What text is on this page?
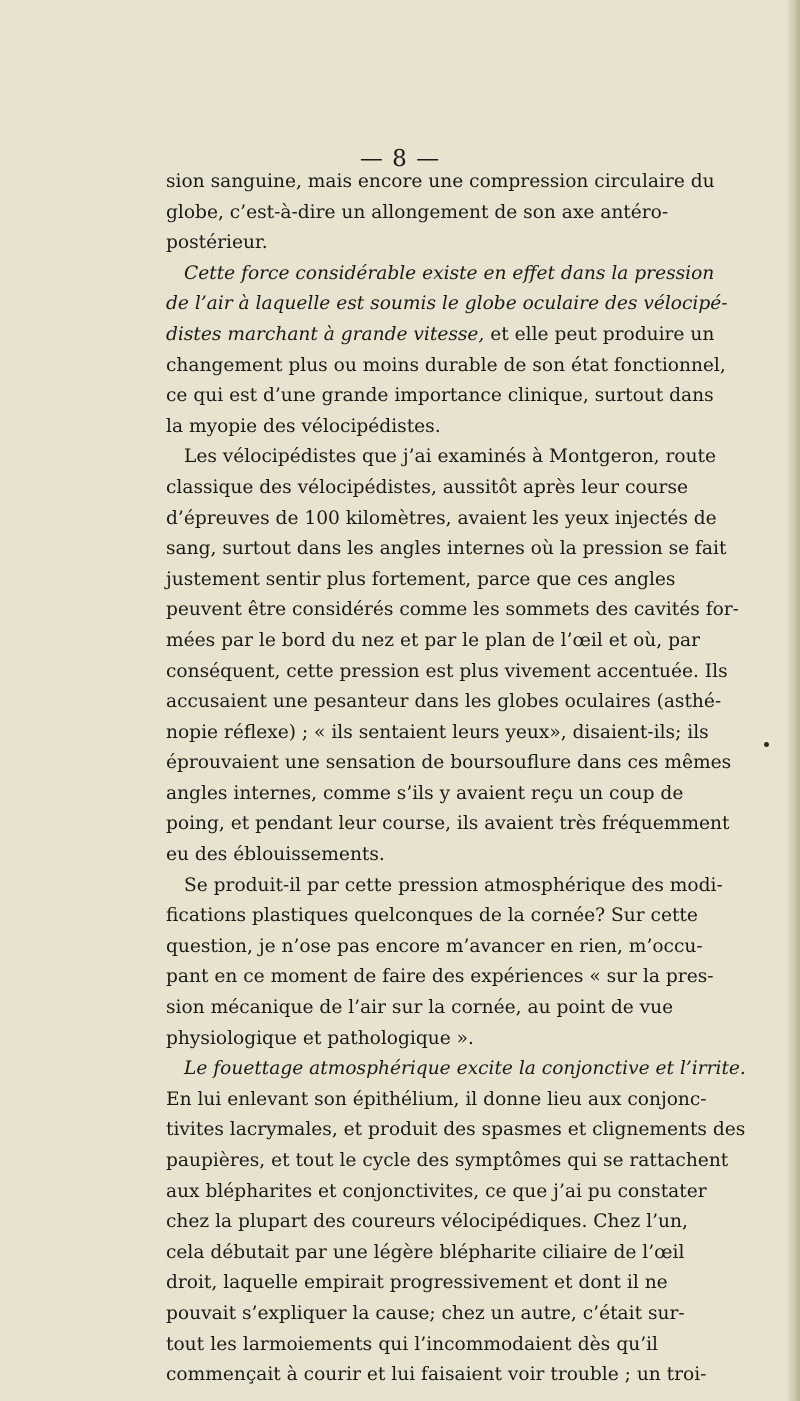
— 8 —
sion sanguine, mais encore une compression circulaire du
globe, c’est-à-dire un allongement de son axe antéro-
postérieur.
Cette force considérable existe en effet dans la pression
de l’air à laquelle est soumis le globe oculaire des vélocipé-
distes marchant à grande vitesse, et elle peut produire un
changement plus ou moins durable de son état fonctionnel,
ce qui est d’une grande importance clinique, surtout dans
la myopie des vélocipédistes.
Les vélocipédistes que j’ai examinés à Montgeron, route
classique des vélocipédistes, aussitôt après leur course
d’épreuves de 100 kilomètres, avaient les yeux injectés de
sang, surtout dans les angles internes où la pression se fait
justement sentir plus fortement, parce que ces angles
peuvent être considérés comme les sommets des cavités for-
mées par le bord du nez et par le plan de l’œil et où, par
conséquent, cette pression est plus vivement accentuée. Ils
accusaient une pesanteur dans les globes oculaires (asthé-
nopie réflexe) ; « ils sentaient leurs yeux», disaient-ils; ils
éprouvaient une sensation de boursouflure dans ces mêmes
angles internes, comme s’ils y avaient reçu un coup de
poing, et pendant leur course, ils avaient très fréquemment
eu des éblouissements.
Se produit-il par cette pression atmosphérique des modi-
fications plastiques quelconques de la cornée? Sur cette
question, je n’ose pas encore m’avancer en rien, m’occu-
pant en ce moment de faire des expériences « sur la pres-
sion mécanique de l’air sur la cornée, au point de vue
physiologique et pathologique ».
Le fouettage atmosphérique excite la conjonctive et l’irrite.
En lui enlevant son épithélium, il donne lieu aux conjonc-
tivites lacrymales, et produit des spasmes et clignements des
paupières, et tout le cycle des symptômes qui se rattachent
aux blépharites et conjonctivites, ce que j’ai pu constater
chez la plupart des coureurs vélocipédiques. Chez l’un,
cela débutait par une légère blépharite ciliaire de l’œil
droit, laquelle empirait progressivement et dont il ne
pouvait s’expliquer la cause; chez un autre, c’était sur-
tout les larmoiements qui l’incommodaient dès qu’il
commençait à courir et lui faisaient voir trouble ; un troi-
